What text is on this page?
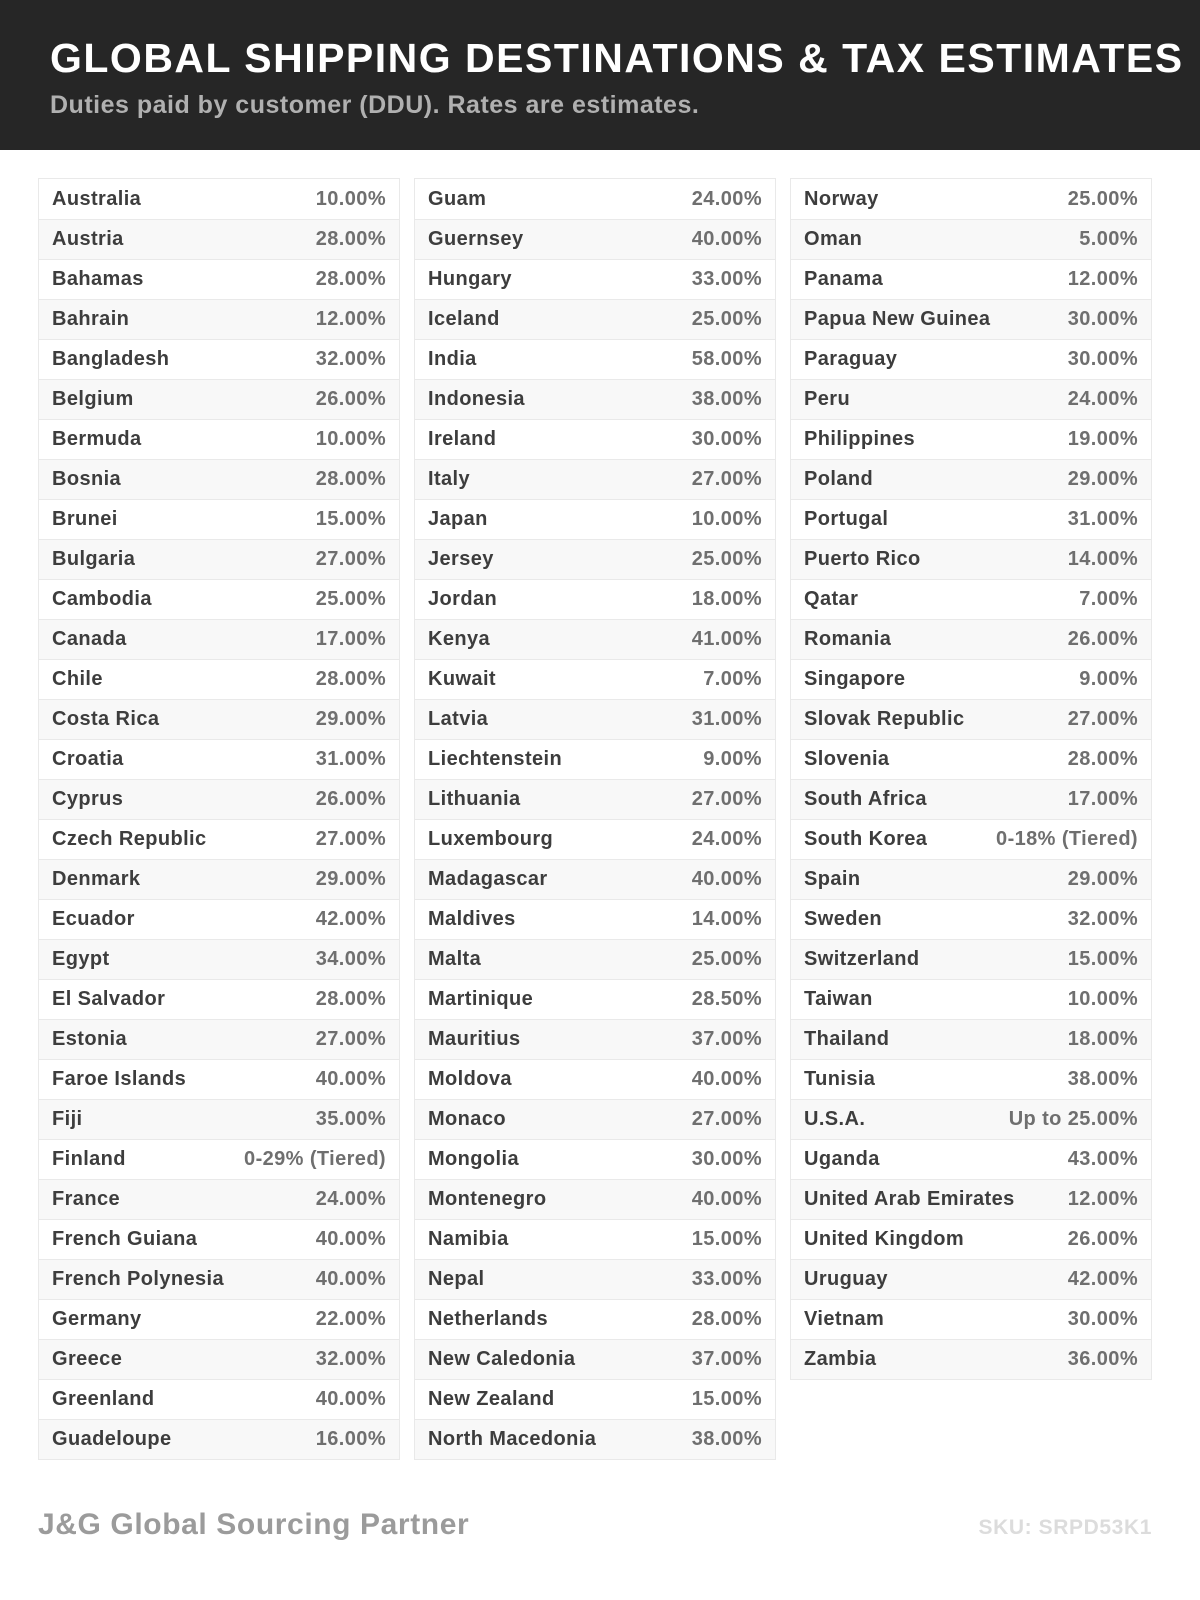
GLOBAL SHIPPING DESTINATIONS & TAX ESTIMATES
Duties paid by customer (DDU). Rates are estimates.
Australia	10.00%
Austria	28.00%
Bahamas	28.00%
Bahrain	12.00%
Bangladesh	32.00%
Belgium	26.00%
Bermuda	10.00%
Bosnia	28.00%
Brunei	15.00%
Bulgaria	27.00%
Cambodia	25.00%
Canada	17.00%
Chile	28.00%
Costa Rica	29.00%
Croatia	31.00%
Cyprus	26.00%
Czech Republic	27.00%
Denmark	29.00%
Ecuador	42.00%
Egypt	34.00%
El Salvador	28.00%
Estonia	27.00%
Faroe Islands	40.00%
Fiji	35.00%
Finland	0-29% (Tiered)
France	24.00%
French Guiana	40.00%
French Polynesia	40.00%
Germany	22.00%
Greece	32.00%
Greenland	40.00%
Guadeloupe	16.00%
Guam	24.00%
Guernsey	40.00%
Hungary	33.00%
Iceland	25.00%
India	58.00%
Indonesia	38.00%
Ireland	30.00%
Italy	27.00%
Japan	10.00%
Jersey	25.00%
Jordan	18.00%
Kenya	41.00%
Kuwait	7.00%
Latvia	31.00%
Liechtenstein	9.00%
Lithuania	27.00%
Luxembourg	24.00%
Madagascar	40.00%
Maldives	14.00%
Malta	25.00%
Martinique	28.50%
Mauritius	37.00%
Moldova	40.00%
Monaco	27.00%
Mongolia	30.00%
Montenegro	40.00%
Namibia	15.00%
Nepal	33.00%
Netherlands	28.00%
New Caledonia	37.00%
New Zealand	15.00%
North Macedonia	38.00%
Norway	25.00%
Oman	5.00%
Panama	12.00%
Papua New Guinea	30.00%
Paraguay	30.00%
Peru	24.00%
Philippines	19.00%
Poland	29.00%
Portugal	31.00%
Puerto Rico	14.00%
Qatar	7.00%
Romania	26.00%
Singapore	9.00%
Slovak Republic	27.00%
Slovenia	28.00%
South Africa	17.00%
South Korea	0-18% (Tiered)
Spain	29.00%
Sweden	32.00%
Switzerland	15.00%
Taiwan	10.00%
Thailand	18.00%
Tunisia	38.00%
U.S.A.	Up to 25.00%
Uganda	43.00%
United Arab Emirates	12.00%
United Kingdom	26.00%
Uruguay	42.00%
Vietnam	30.00%
Zambia	36.00%
J&G Global Sourcing Partner	SKU: SRPD53K1
